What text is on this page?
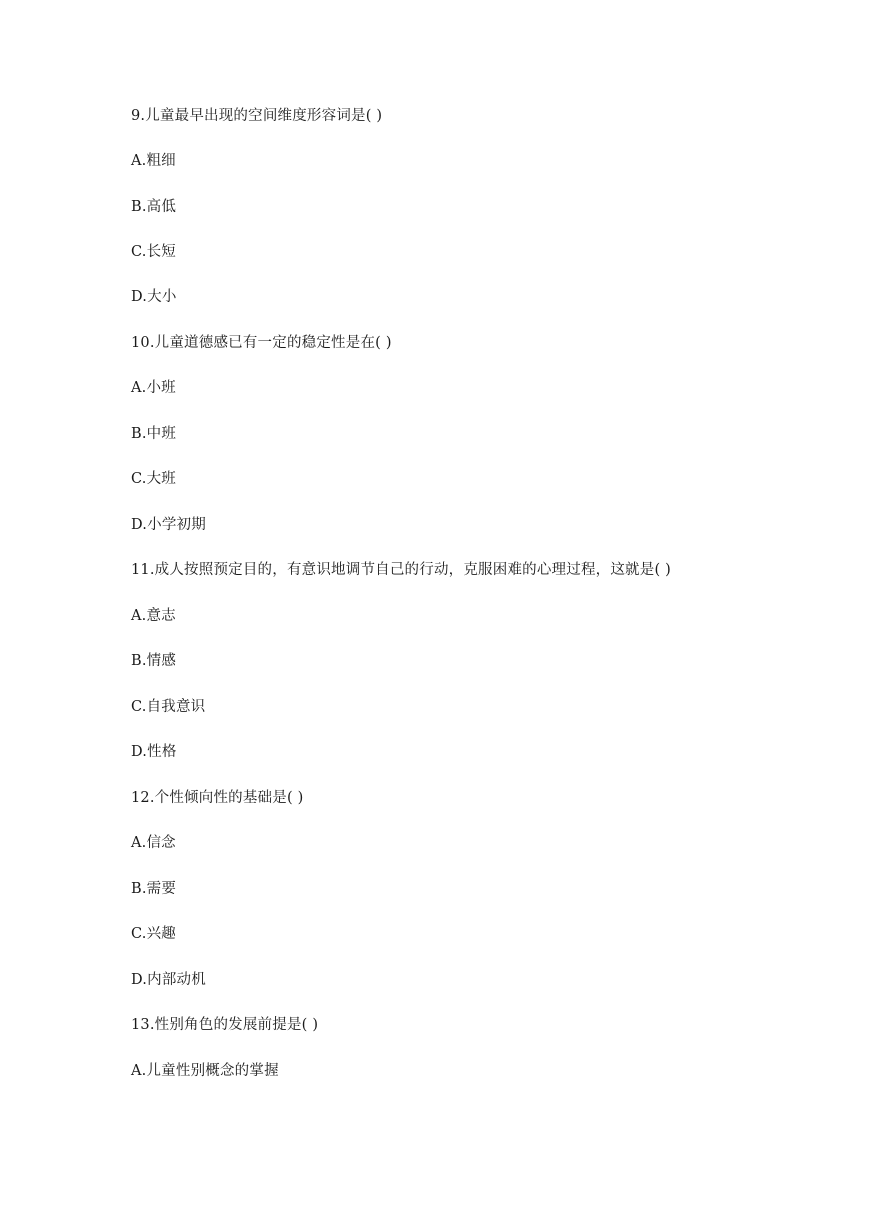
9.儿童最早出现的空间维度形容词是( )
A.粗细
B.高低
C.长短
D.大小
10.儿童道德感已有一定的稳定性是在( )
A.小班
B.中班
C.大班
D.小学初期
11.成人按照预定目的，有意识地调节自己的行动，克服困难的心理过程，这就是( )
A.意志
B.情感
C.自我意识
D.性格
12.个性倾向性的基础是( )
A.信念
B.需要
C.兴趣
D.内部动机
13.性别角色的发展前提是( )
A.儿童性别概念的掌握
